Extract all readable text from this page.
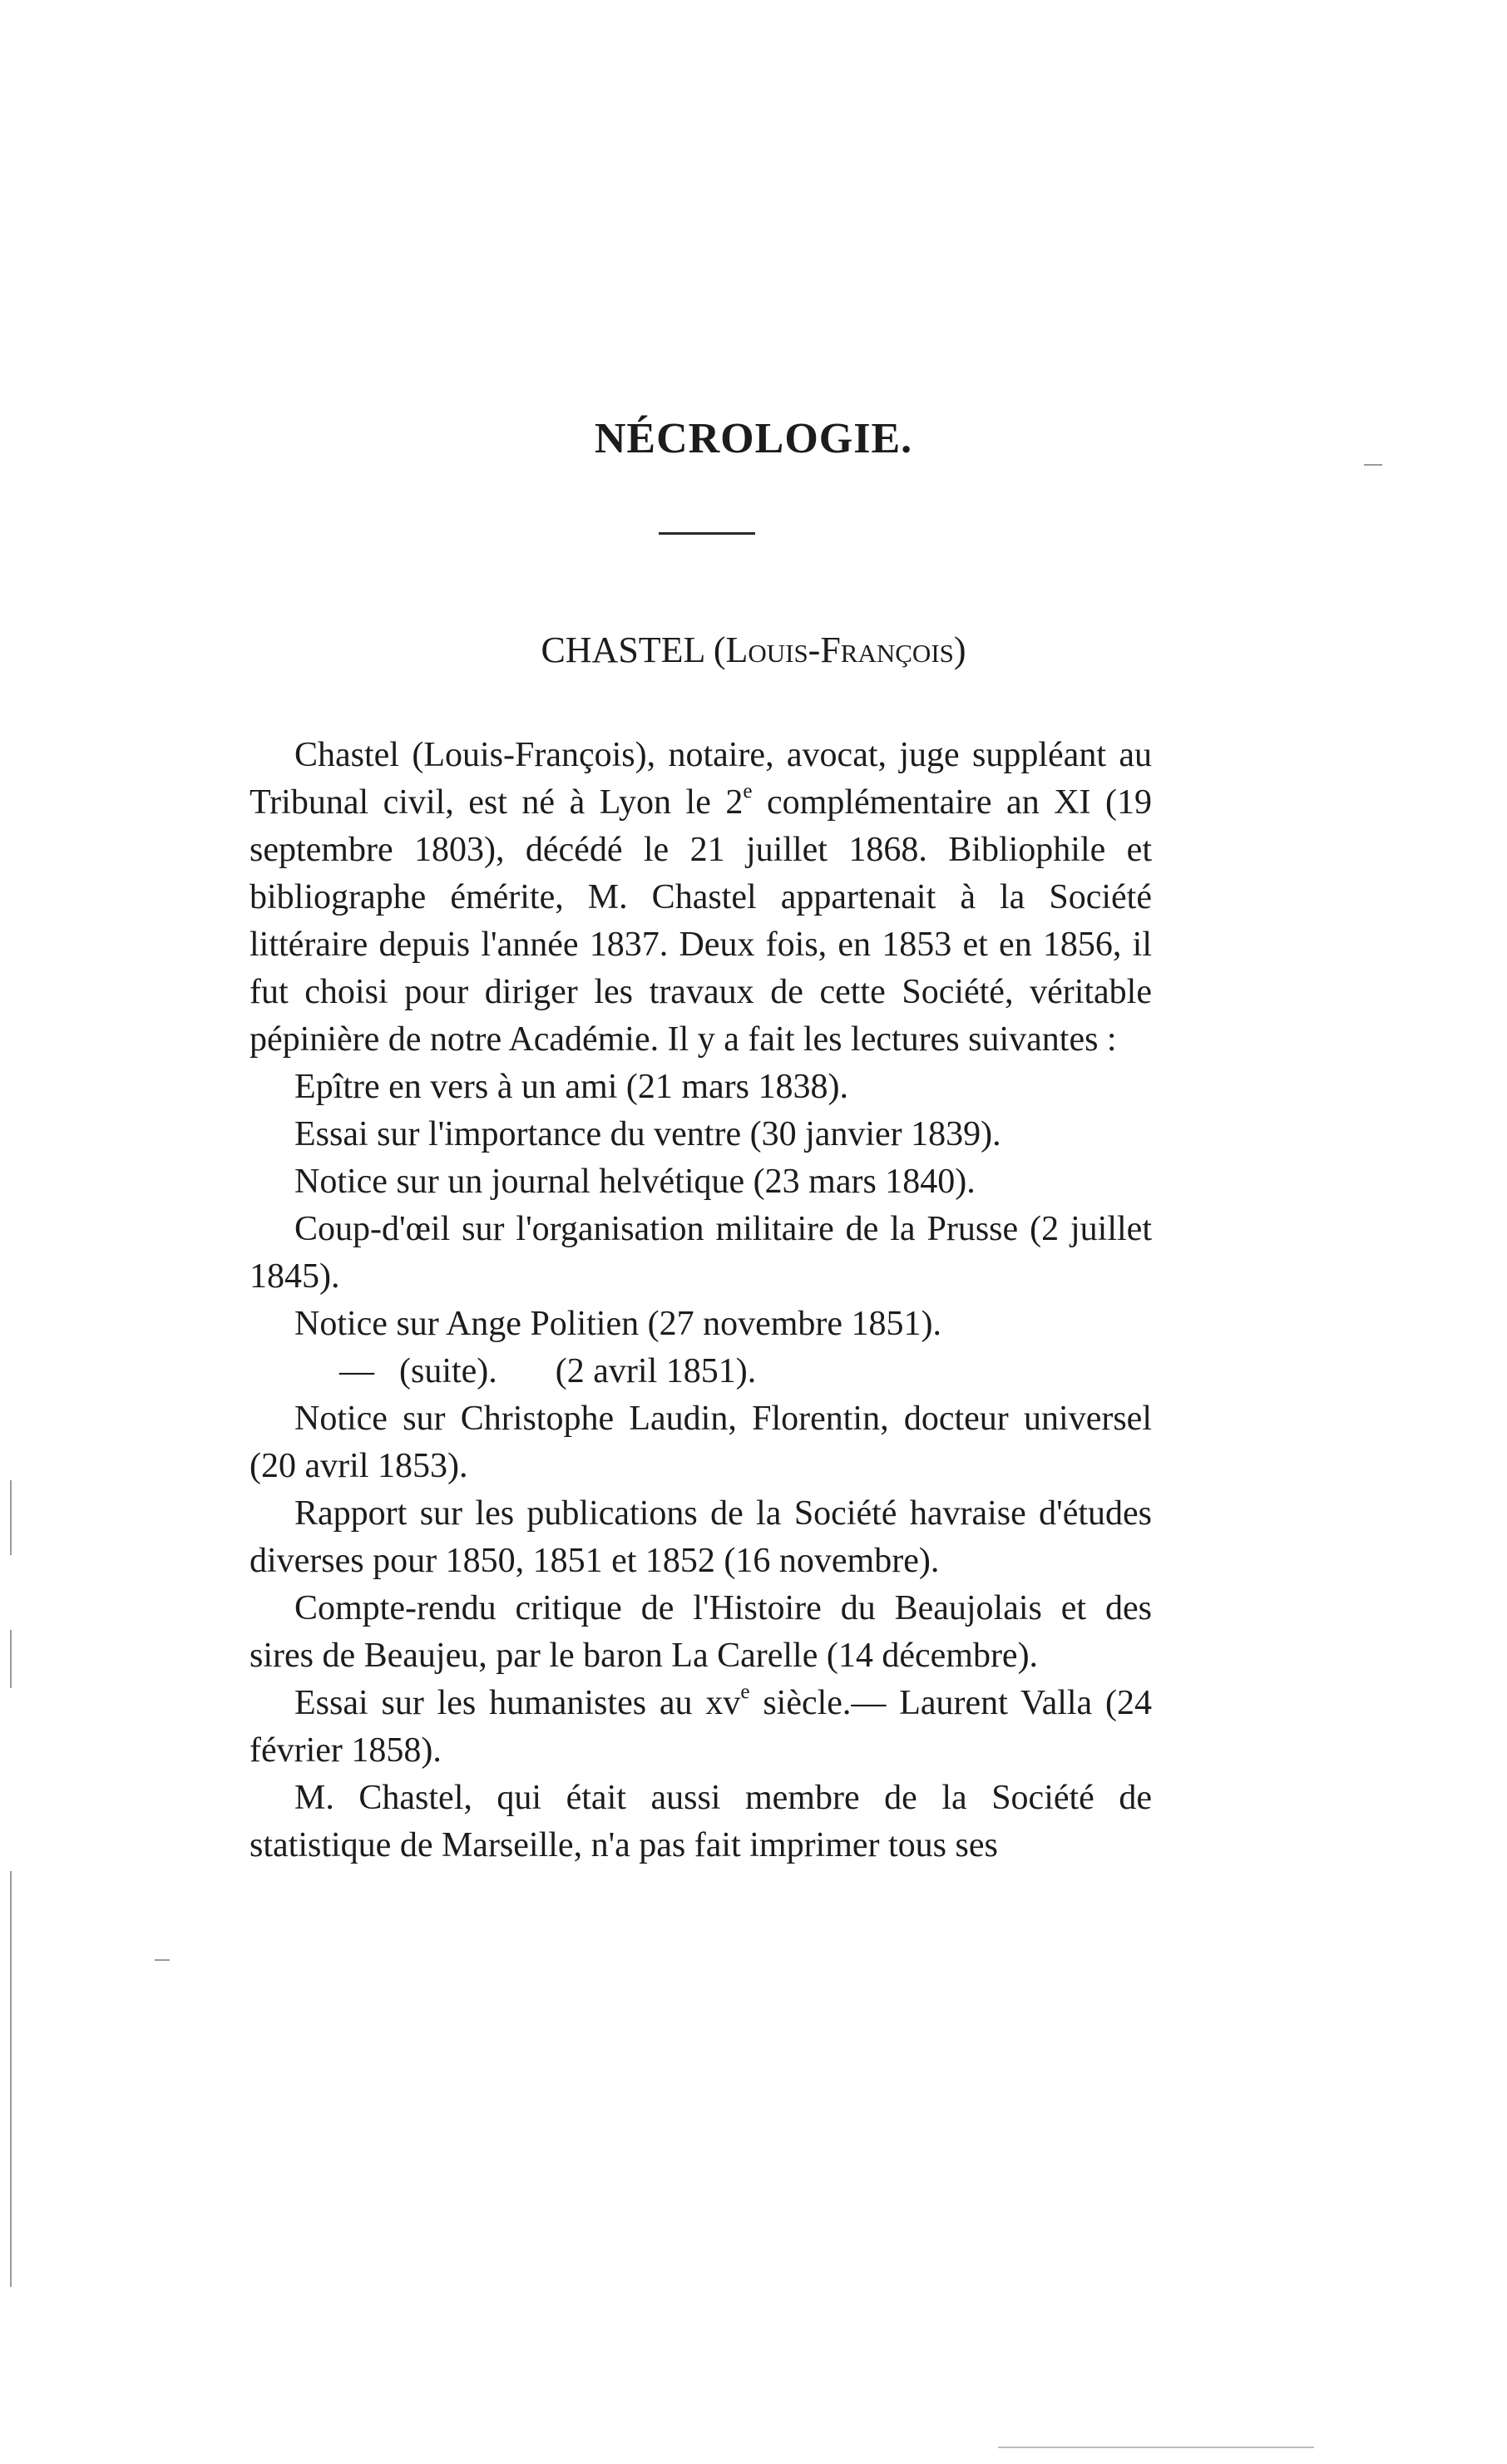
NÉCROLOGIE.
CHASTEL (Louis-François)

Chastel (Louis-François), notaire, avocat, juge suppléant au Tribunal civil, est né à Lyon le 2e complémentaire an XI (19 septembre 1803), décédé le 21 juillet 1868. Bibliophile et bibliographe émérite, M. Chastel appartenait à la Société littéraire depuis l'année 1837. Deux fois, en 1853 et en 1856, il fut choisi pour diriger les travaux de cette Société, véritable pépinière de notre Académie. Il y a fait les lectures suivantes :

Epître en vers à un ami (21 mars 1838).

Essai sur l'importance du ventre (30 janvier 1839).

Notice sur un journal helvétique (23 mars 1840).

Coup-d'œil sur l'organisation militaire de la Prusse (2 juillet 1845).

Notice sur Ange Politien (27 novembre 1851).

— (suite). (2 avril 1851).

Notice sur Christophe Laudin, Florentin, docteur universel (20 avril 1853).

Rapport sur les publications de la Société havraise d'études diverses pour 1850, 1851 et 1852 (16 novembre).

Compte-rendu critique de l'Histoire du Beaujolais et des sires de Beaujeu, par le baron La Carelle (14 décembre).

Essai sur les humanistes au $xv^e$ siècle.— Laurent Valla (24 février 1858).

M. Chastel, qui était aussi membre de la Société de statistique de Marseille, n'a pas fait imprimer tous ses
